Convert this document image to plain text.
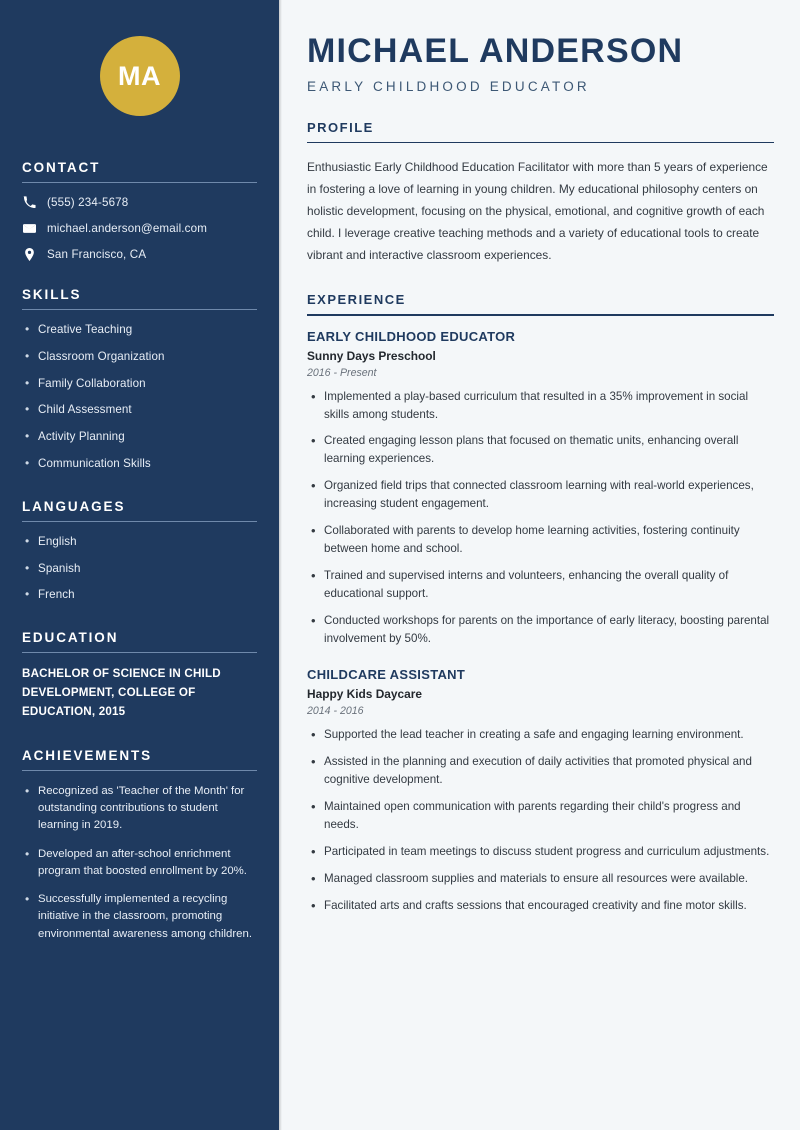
MA
CONTACT
(555) 234-5678
michael.anderson@email.com
San Francisco, CA
SKILLS
• Creative Teaching
• Classroom Organization
• Family Collaboration
• Child Assessment
• Activity Planning
• Communication Skills
LANGUAGES
• English
• Spanish
• French
EDUCATION
BACHELOR OF SCIENCE IN CHILD DEVELOPMENT, COLLEGE OF EDUCATION, 2015
ACHIEVEMENTS
• Recognized as 'Teacher of the Month' for outstanding contributions to student learning in 2019.
• Developed an after-school enrichment program that boosted enrollment by 20%.
• Successfully implemented a recycling initiative in the classroom, promoting environmental awareness among children.
MICHAEL ANDERSON
EARLY CHILDHOOD EDUCATOR
PROFILE

Enthusiastic Early Childhood Education Facilitator with more than 5 years of experience in fostering a love of learning in young children. My educational philosophy centers on holistic development, focusing on the physical, emotional, and cognitive growth of each child. I leverage creative teaching methods and a variety of educational tools to create vibrant and interactive classroom experiences.

EXPERIENCE
EARLY CHILDHOOD EDUCATOR
Sunny Days Preschool
2016 - Present
• Implemented a play-based curriculum that resulted in a 35% improvement in social skills among students.
• Created engaging lesson plans that focused on thematic units, enhancing overall learning experiences.
• Organized field trips that connected classroom learning with real-world experiences, increasing student engagement.
• Collaborated with parents to develop home learning activities, fostering continuity between home and school.
• Trained and supervised interns and volunteers, enhancing the overall quality of educational support.
• Conducted workshops for parents on the importance of early literacy, boosting parental involvement by 50%.
CHILDCARE ASSISTANT
Happy Kids Daycare
2014 - 2016
• Supported the lead teacher in creating a safe and engaging learning environment.
• Assisted in the planning and execution of daily activities that promoted physical and cognitive development.
• Maintained open communication with parents regarding their child's progress and needs.
• Participated in team meetings to discuss student progress and curriculum adjustments.
• Managed classroom supplies and materials to ensure all resources were available.
• Facilitated arts and crafts sessions that encouraged creativity and fine motor skills.
